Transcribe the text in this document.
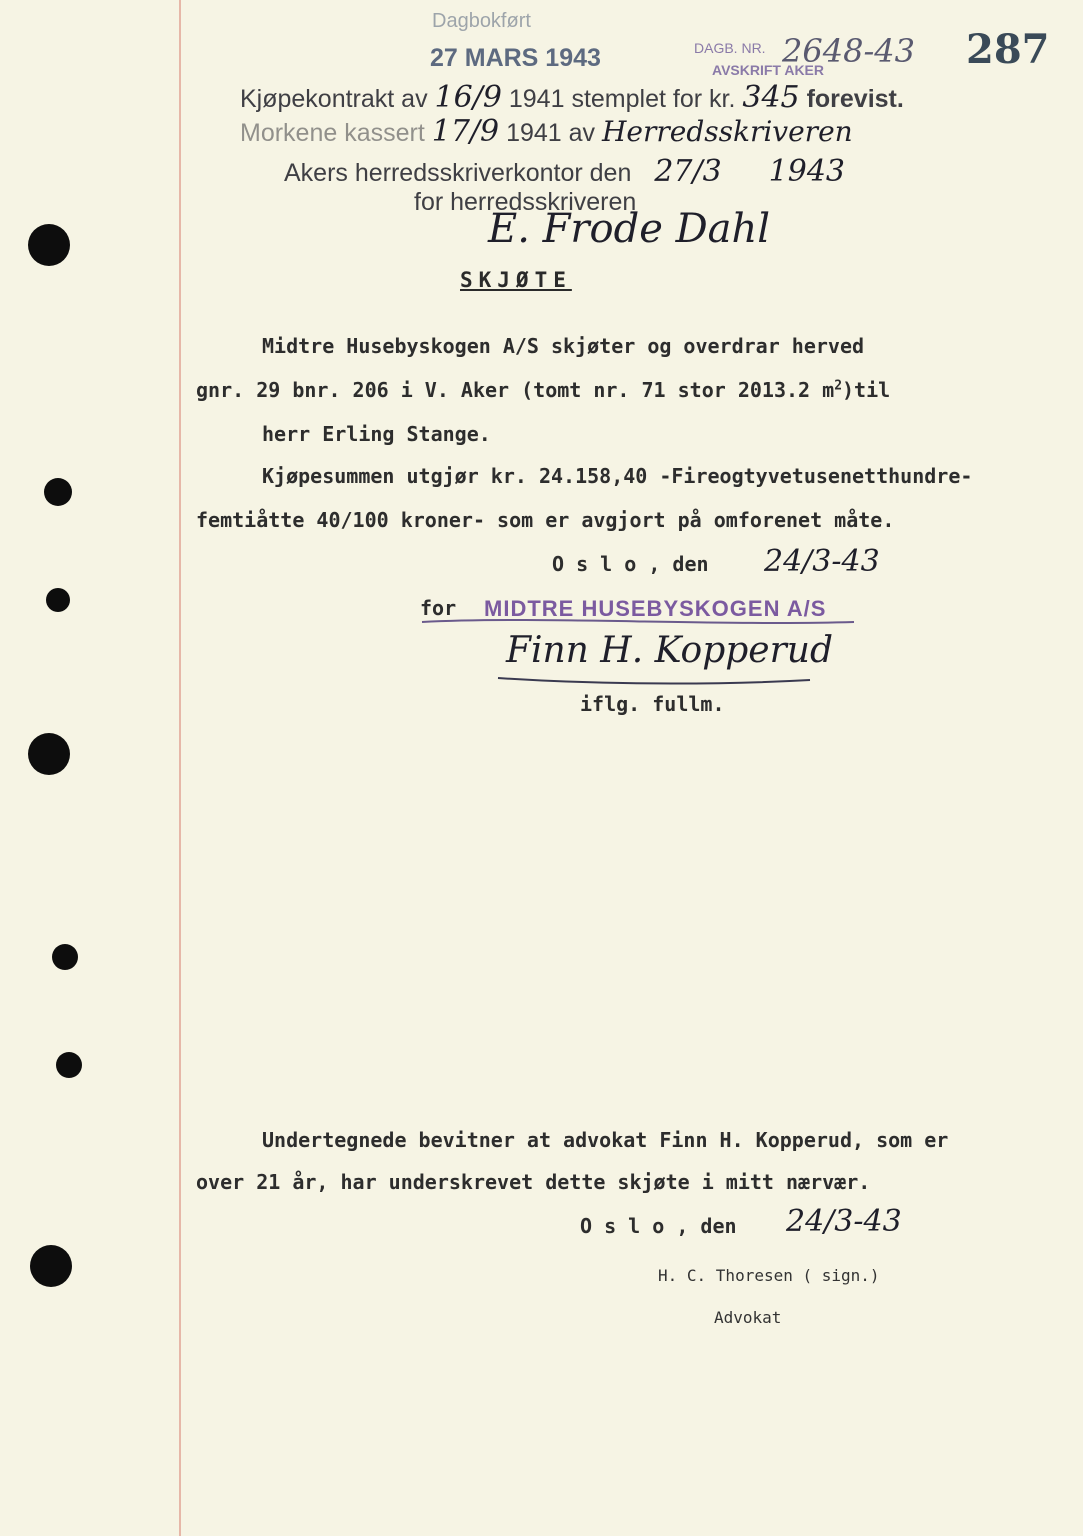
Dagbokført
27 MARS 1943	DAGB. NR.
AVSKRIFT AKER
2648-43 287
Kjøpekontrakt av 16/9 1941 stemplet for kr. 345 forevist.
Morkene kassert 17/9 1941 av Herredsskriveren
Akers herredsskriverkontor den 27/3 1943
for herredsskriveren
E. Frode Dahl
SKJØTE
Midtre Husebyskogen A/S skjøter og overdrar herved
gnr. 29 bnr. 206 i V. Aker (tomt nr. 71 stor 2013.2 $m^2)til$
herr Erling Stange.
Kjøpesummen utgjør kr. 24.158,40 -Fireogtyvetusenetthundre-
femtiåtte 40/100 kroner- som er avgjort på omforenet måte.
O s l o , den 24/3-43
for MIDTRE HUSEBYSKOGEN A/S
Finn H. Kopperud
iflg. fullm.
Undertegnede bevitner at advokat Finn H. Kopperud, som er
over 21 år, har underskrevet dette skjøte i mitt nærvær.
O s l o , den 24/3-43
H. C. Thoresen ( sign.)
Advokat
